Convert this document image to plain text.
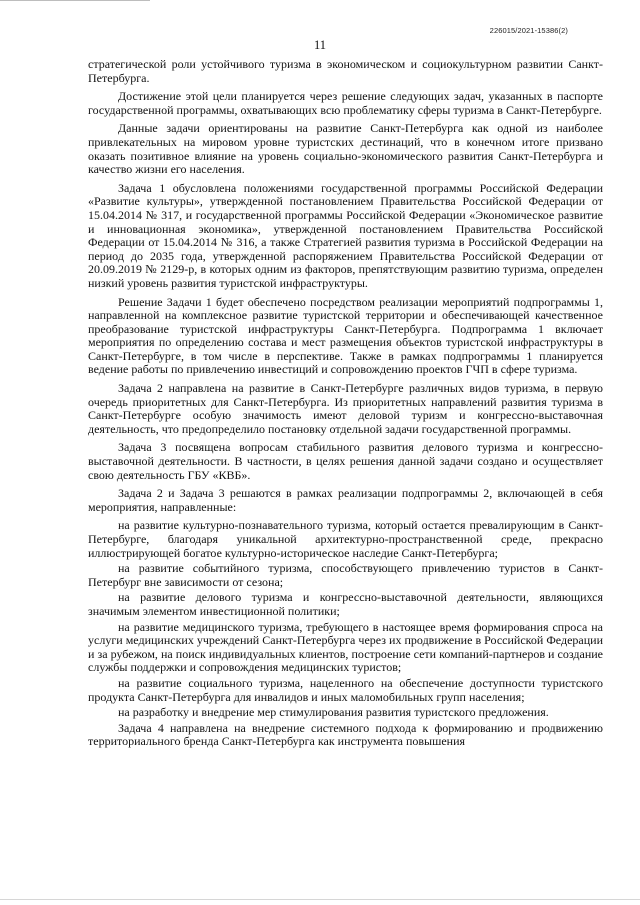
226015/2021-15386(2)
11

стратегической роли устойчивого туризма в экономическом и социокультурном развитии Санкт-Петербурга.

Достижение этой цели планируется через решение следующих задач, указанных в паспорте государственной программы, охватывающих всю проблематику сферы туризма в Санкт-Петербурге.

Данные задачи ориентированы на развитие Санкт-Петербурга как одной из наиболее привлекательных на мировом уровне туристских дестинаций, что в конечном итоге призвано оказать позитивное влияние на уровень социально-экономического развития Санкт-Петербурга и качество жизни его населения.

Задача 1 обусловлена положениями государственной программы Российской Федерации «Развитие культуры», утвержденной постановлением Правительства Российской Федерации от 15.04.2014 № 317, и государственной программы Российской Федерации «Экономическое развитие и инновационная экономика», утвержденной постановлением Правительства Российской Федерации от 15.04.2014 № 316, а также Стратегией развития туризма в Российской Федерации на период до 2035 года, утвержденной распоряжением Правительства Российской Федерации от 20.09.2019 № 2129-р, в которых одним из факторов, препятствующим развитию туризма, определен низкий уровень развития туристской инфраструктуры.

Решение Задачи 1 будет обеспечено посредством реализации мероприятий подпрограммы 1, направленной на комплексное развитие туристской территории и обеспечивающей качественное преобразование туристской инфраструктуры Санкт-Петербурга. Подпрограмма 1 включает мероприятия по определению состава и мест размещения объектов туристской инфраструктуры в Санкт-Петербурге, в том числе в перспективе. Также в рамках подпрограммы 1 планируется ведение работы по привлечению инвестиций и сопровождению проектов ГЧП в сфере туризма.

Задача 2 направлена на развитие в Санкт-Петербурге различных видов туризма, в первую очередь приоритетных для Санкт-Петербурга. Из приоритетных направлений развития туризма в Санкт-Петербурге особую значимость имеют деловой туризм и конгрессно-выставочная деятельность, что предопределило постановку отдельной задачи государственной программы.

Задача 3 посвящена вопросам стабильного развития делового туризма и конгрессно-выставочной деятельности. В частности, в целях решения данной задачи создано и осуществляет свою деятельность ГБУ «КВБ».

Задача 2 и Задача 3 решаются в рамках реализации подпрограммы 2, включающей в себя мероприятия, направленные:

на развитие культурно-познавательного туризма, который остается превалирующим в Санкт-Петербурге, благодаря уникальной архитектурно-пространственной среде, прекрасно иллюстрирующей богатое культурно-историческое наследие Санкт-Петербурга;

на развитие событийного туризма, способствующего привлечению туристов в Санкт-Петербург вне зависимости от сезона;

на развитие делового туризма и конгрессно-выставочной деятельности, являющихся значимым элементом инвестиционной политики;

на развитие медицинского туризма, требующего в настоящее время формирования спроса на услуги медицинских учреждений Санкт-Петербурга через их продвижение в Российской Федерации и за рубежом, на поиск индивидуальных клиентов, построение сети компаний-партнеров и создание службы поддержки и сопровождения медицинских туристов;

на развитие социального туризма, нацеленного на обеспечение доступности туристского продукта Санкт-Петербурга для инвалидов и иных маломобильных групп населения;

на разработку и внедрение мер стимулирования развития туристского предложения.

Задача 4 направлена на внедрение системного подхода к формированию и продвижению территориального бренда Санкт-Петербурга как инструмента повышения
